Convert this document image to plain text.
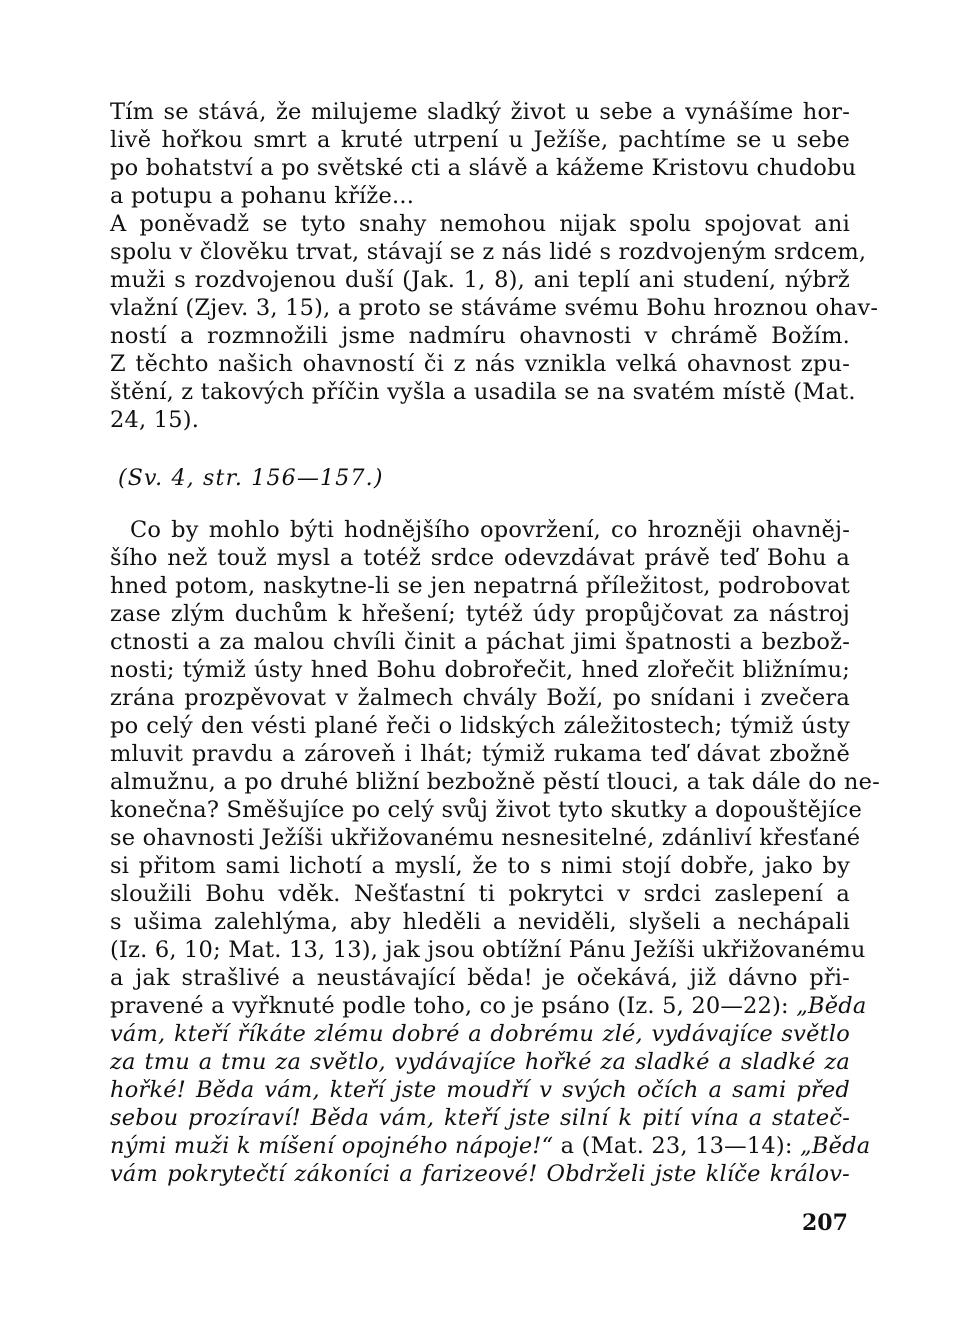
Tím se stává, že milujeme sladký život u sebe a vynášíme hor-
livě hořkou smrt a kruté utrpení u Ježíše, pachtíme se u sebe
po bohatství a po světské cti a slávě a kážeme Kristovu chudobu
a potupu a pohanu kříže...
A poněvadž se tyto snahy nemohou nijak spolu spojovat ani
spolu v člověku trvat, stávají se z nás lidé s rozdvojeným srdcem,
muži s rozdvojenou duší (Jak. 1, 8), ani teplí ani studení, nýbrž
vlažní (Zjev. 3, 15), a proto se stáváme svému Bohu hroznou ohav-
ností a rozmnožili jsme nadmíru ohavnosti v chrámě Božím.
Z těchto našich ohavností či z nás vznikla velká ohavnost zpu-
štění, z takových příčin vyšla a usadila se na svatém místě (Mat.
24, 15).
(Sv. 4, str. 156—157.)
Co by mohlo býti hodnějšího opovržení, co hrozněji ohavněj-
šího než touž mysl a totéž srdce odevzdávat právě teď Bohu a
hned potom, naskytne-li se jen nepatrná příležitost, podrobovat
zase zlým duchům k hřešení; tytéž údy propůjčovat za nástroj
ctnosti a za malou chvíli činit a páchat jimi špatnosti a bezbož-
nosti; týmiž ústy hned Bohu dobrořečit, hned zlořečit bližnímu;
zrána prozpěvovat v žalmech chvály Boží, po snídani i zvečera
po celý den vésti plané řeči o lidských záležitostech; týmiž ústy
mluvit pravdu a zároveň i lhát; týmiž rukama teď dávat zbožně
almužnu, a po druhé bližní bezbožně pěstí tlouci, a tak dále do ne-
konečna? Směšujíce po celý svůj život tyto skutky a dopouštějíce
se ohavnosti Ježíši ukřižovanému nesnesitelné, zdánliví křesťané
si přitom sami lichotí a myslí, že to s nimi stojí dobře, jako by
sloužili Bohu vděk. Nešťastní ti pokrytci v srdci zaslepení a
s ušima zalehlýma, aby hleděli a neviděli, slyšeli a nechápali
(Iz. 6, 10; Mat. 13, 13), jak jsou obtížní Pánu Ježíši ukřižovanému
a jak strašlivé a neustávající běda! je očekává, již dávno při-
pravené a vyřknuté podle toho, co je psáno (Iz. 5, 20—22): „Běda
vám, kteří říkáte zlému dobré a dobrému zlé, vydávajíce světlo
za tmu a tmu za světlo, vydávajíce hořké za sladké a sladké za
hořké! Běda vám, kteří jste moudří v svých očích a sami před
sebou prozíraví! Běda vám, kteří jste silní k pití vína a stateč-
nými muži k míšení opojného nápoje!“ a (Mat. 23, 13—14): „Běda
vám pokrytečtí zákoníci a farizeové! Obdrželi jste klíče králov-
207
